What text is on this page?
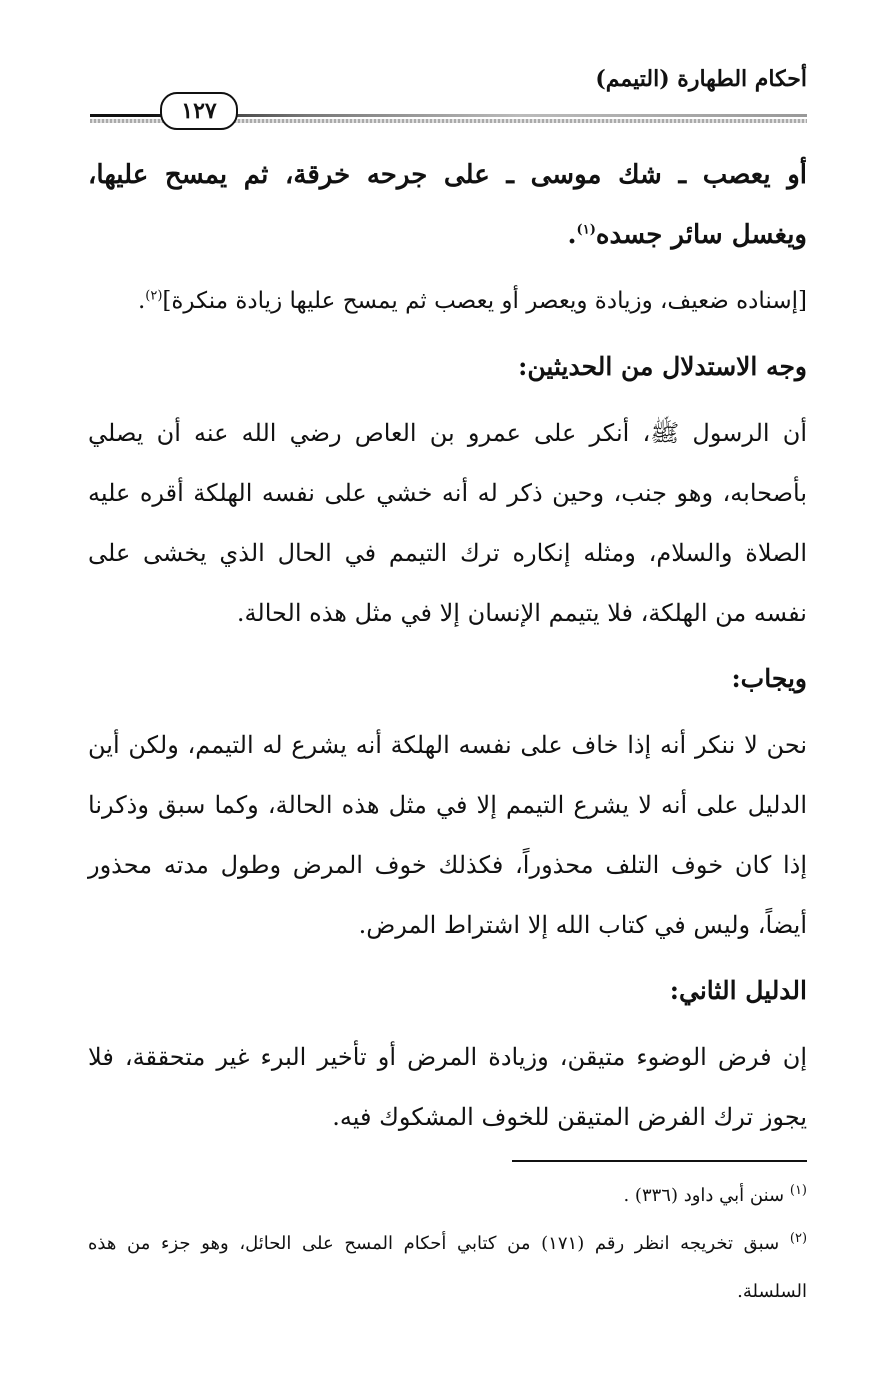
أحكام الطهارة (التيمم)
١٢٧

أو يعصب ـ شك موسى ـ على جرحه خرقة، ثم يمسح عليها، ويغسل سائر جسده$^{(١)}$.

[إسناده ضعيف، وزيادة ويعصر أو يعصب ثم يمسح عليها زيادة منكرة]$^{(٢)}$.

وجه الاستدلال من الحديثين:

أن الرسول ﷺ، أنكر على عمرو بن العاص رضي الله عنه أن يصلي بأصحابه، وهو جنب، وحين ذكر له أنه خشي على نفسه الهلكة أقره عليه الصلاة والسلام، ومثله إنكاره ترك التيمم في الحال الذي يخشى على نفسه من الهلكة، فلا يتيمم الإنسان إلا في مثل هذه الحالة.

ويجاب:

نحن لا ننكر أنه إذا خاف على نفسه الهلكة أنه يشرع له التيمم، ولكن أين الدليل على أنه لا يشرع التيمم إلا في مثل هذه الحالة، وكما سبق وذكرنا إذا كان خوف التلف محذوراً، فكذلك خوف المرض وطول مدته محذور أيضاً، وليس في كتاب الله إلا اشتراط المرض.

الدليل الثاني:

إن فرض الوضوء متيقن، وزيادة المرض أو تأخير البرء غير متحققة، فلا يجوز ترك الفرض المتيقن للخوف المشكوك فيه.

$^{(١)}$ سنن أبي داود (٣٣٦) .

$^{(٢)}$ سبق تخريجه انظر رقم (١٧١) من كتابي أحكام المسح على الحائل، وهو جزء من هذه السلسلة.
